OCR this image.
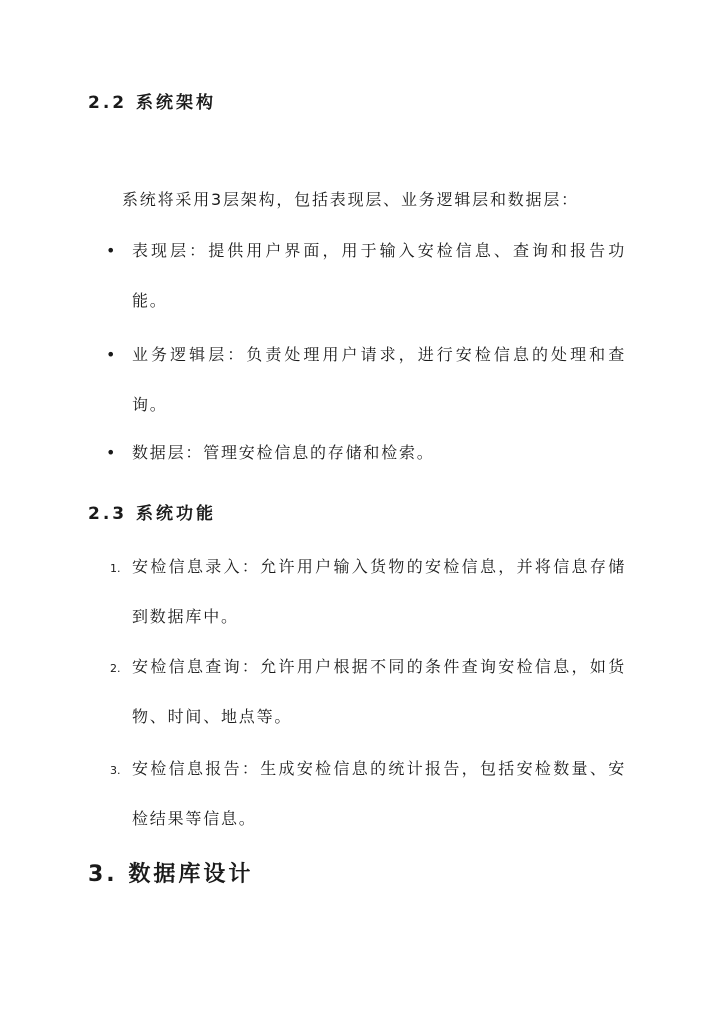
2.2 系统架构
系统将采用3层架构，包括表现层、业务逻辑层和数据层：
• 表现层：提供用户界面，用于输入安检信息、查询和报告功能。
• 业务逻辑层：负责处理用户请求，进行安检信息的处理和查询。
• 数据层：管理安检信息的存储和检索。
2.3 系统功能
1. 安检信息录入：允许用户输入货物的安检信息，并将信息存储到数据库中。
2. 安检信息查询：允许用户根据不同的条件查询安检信息，如货物、时间、地点等。
3. 安检信息报告：生成安检信息的统计报告，包括安检数量、安检结果等信息。
3. 数据库设计
